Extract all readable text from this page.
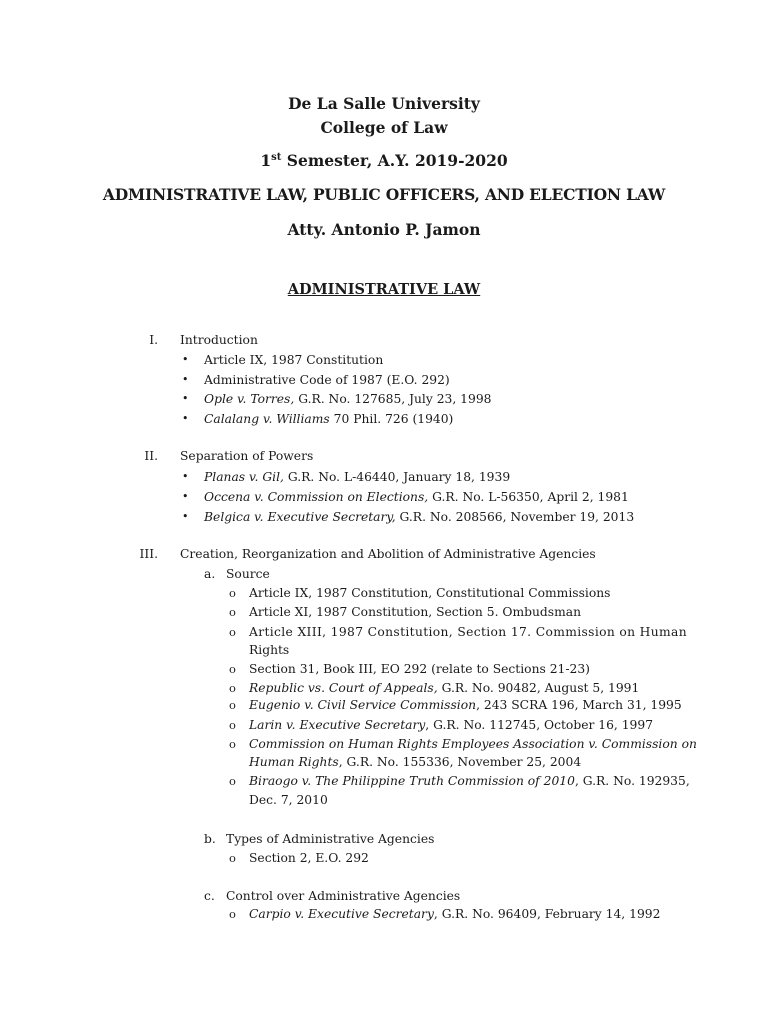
De La Salle University
College of Law
1st Semester, A.Y. 2019-2020
ADMINISTRATIVE LAW, PUBLIC OFFICERS, AND ELECTION LAW
Atty. Antonio P. Jamon
ADMINISTRATIVE LAW
I. Introduction
• Article IX, 1987 Constitution
• Administrative Code of 1987 (E.O. 292)
• Ople v. Torres, G.R. No. 127685, July 23, 1998
• Calalang v. Williams 70 Phil. 726 (1940)
II. Separation of Powers
• Planas v. Gil, G.R. No. L-46440, January 18, 1939
• Occena v. Commission on Elections, G.R. No. L-56350, April 2, 1981
• Belgica v. Executive Secretary, G.R. No. 208566, November 19, 2013
III. Creation, Reorganization and Abolition of Administrative Agencies
a. Source
o Article IX, 1987 Constitution, Constitutional Commissions
o Article XI, 1987 Constitution, Section 5. Ombudsman
o Article XIII, 1987 Constitution, Section 17. Commission on Human
Rights
o Section 31, Book III, EO 292 (relate to Sections 21-23)
o Republic vs. Court of Appeals, G.R. No. 90482, August 5, 1991
o Eugenio v. Civil Service Commission, 243 SCRA 196, March 31, 1995
o Larin v. Executive Secretary, G.R. No. 112745, October 16, 1997
o Commission on Human Rights Employees Association v. Commission on
Human Rights, G.R. No. 155336, November 25, 2004
o Biraogo v. The Philippine Truth Commission of 2010, G.R. No. 192935,
Dec. 7, 2010
b. Types of Administrative Agencies
o Section 2, E.O. 292
c. Control over Administrative Agencies
o Carpio v. Executive Secretary, G.R. No. 96409, February 14, 1992
